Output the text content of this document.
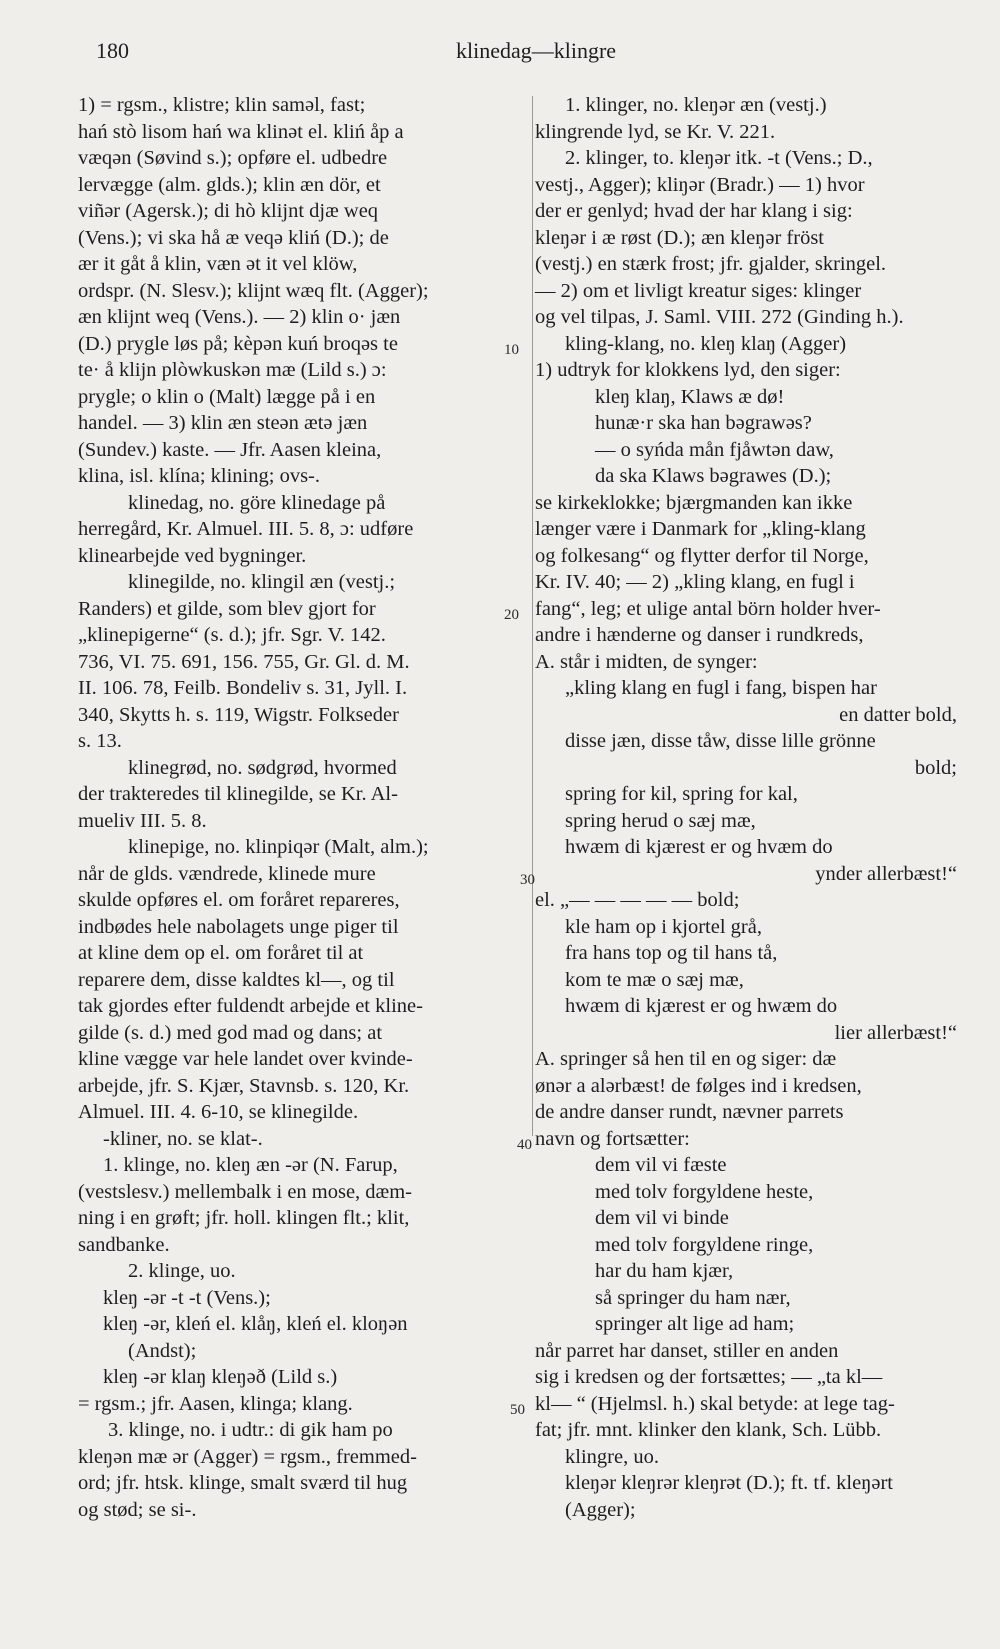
180	klinedag—klingre
1) = rgsm., klistre; klin samǝl, fast;
hań stò lisom hań wa klinǝt el. kliń åp a
væqǝn (Søvind s.); opføre el. udbedre
lervægge (alm. glds.); klin æn dör, et
viñǝr (Agersk.); di hò klijnt djæ weq
(Vens.); vi ska hå æ veqǝ kliń (D.); de
ær it gåt å klin, væn ǝt it vel klöw,
ordspr. (N. Slesv.); klijnt wæq flt. (Agger);
æn klijnt weq (Vens.). — 2) klin o· jæn
(D.) prygle løs på; kèpǝn kuń broqǝs te
te· å klijn plòwkuskǝn mæ (Lild s.) ɔ:
prygle; o klin o (Malt) lægge på i en
handel. — 3) klin æn steǝn ætǝ jæn
(Sundev.) kaste. — Jfr. Aasen kleina,
klina, isl. klína; klining; ovs-.
klinedag, no. göre klinedage på
herregård, Kr. Almuel. III. 5. 8, ɔ: udføre
klinearbejde ved bygninger.
klinegilde, no. klingil æn (vestj.;
Randers) et gilde, som blev gjort for
„klinepigerne“ (s. d.); jfr. Sgr. V. 142.
736, VI. 75. 691, 156. 755, Gr. Gl. d. M.
II. 106. 78, Feilb. Bondeliv s. 31, Jyll. I.
340, Skytts h. s. 119, Wigstr. Folkseder
s. 13.
klinegrød, no. sødgrød, hvormed
der trakteredes til klinegilde, se Kr. Al-
mueliv III. 5. 8.
klinepige, no. klinpiqǝr (Malt, alm.);
når de glds. vændrede, klinede mure
skulde opføres el. om foråret repareres,
indbødes hele nabolagets unge piger til
at kline dem op el. om foråret til at
reparere dem, disse kaldtes kl—, og til
tak gjordes efter fuldendt arbejde et kline-
gilde (s. d.) med god mad og dans; at
kline vægge var hele landet over kvinde-
arbejde, jfr. S. Kjær, Stavnsb. s. 120, Kr.
Almuel. III. 4. 6-10, se klinegilde.
-kliner, no. se klat-.
1. klinge, no. kleŋ æn -ǝr (N. Farup,
(vestslesv.) mellembalk i en mose, dæm-
ning i en grøft; jfr. holl. klingen flt.; klit,
sandbanke.
2. klinge, uo.
kleŋ -ǝr -t -t (Vens.);
kleŋ -ǝr, kleń el. klåŋ, kleń el. kloŋǝn
(Andst);
kleŋ -ǝr klaŋ kleŋǝð (Lild s.)
= rgsm.; jfr. Aasen, klinga; klang.
3. klinge, no. i udtr.: di gik ham po
kleŋǝn mæ ǝr (Agger) = rgsm., fremmed-
ord; jfr. htsk. klinge, smalt sværd til hug
og stød; se si-.
10
20
30
40
50
1. klinger, no. kleŋǝr æn (vestj.)
klingrende lyd, se Kr. V. 221.
2. klinger, to. kleŋǝr itk. -t (Vens.; D.,
vestj., Agger); kliŋǝr (Bradr.) — 1) hvor
der er genlyd; hvad der har klang i sig:
kleŋǝr i æ røst (D.); æn kleŋǝr fröst
(vestj.) en stærk frost; jfr. gjalder, skringel.
— 2) om et livligt kreatur siges: klinger
og vel tilpas, J. Saml. VIII. 272 (Ginding h.).
kling-klang, no. kleŋ klaŋ (Agger)
1) udtryk for klokkens lyd, den siger:
kleŋ klaŋ, Klaws æ dø!
hunæ·r ska han bǝgrawǝs?
— o syńda mån fjåwtǝn daw,
da ska Klaws bǝgrawes (D.);
se kirkeklokke; bjærgmanden kan ikke
længer være i Danmark for „kling-klang
og folkesang“ og flytter derfor til Norge,
Kr. IV. 40; — 2) „kling klang, en fugl i
fang“, leg; et ulige antal börn holder hver-
andre i hænderne og danser i rundkreds,
A. står i midten, de synger:
„kling klang en fugl i fang, bispen har
en datter bold,
disse jæn, disse tåw, disse lille grönne
bold;
spring for kil, spring for kal,
spring herud o sæj mæ,
hwæm di kjærest er og hvæm do
ynder allerbæst!“
el. „— — — — — bold;
kle ham op i kjortel grå,
fra hans top og til hans tå,
kom te mæ o sæj mæ,
hwæm di kjærest er og hwæm do
lier allerbæst!“
A. springer så hen til en og siger: dæ
ønǝr a alǝrbæst! de følges ind i kredsen,
de andre danser rundt, nævner parrets
navn og fortsætter:
dem vil vi fæste
med tolv forgyldene heste,
dem vil vi binde
med tolv forgyldene ringe,
har du ham kjær,
så springer du ham nær,
springer alt lige ad ham;
når parret har danset, stiller en anden
sig i kredsen og der fortsættes; — „ta kl—
kl— “ (Hjelmsl. h.) skal betyde: at lege tag-
fat; jfr. mnt. klinker den klank, Sch. Lübb.
klingre, uo.
kleŋǝr kleŋrǝr kleŋrǝt (D.); ft. tf. kleŋǝrt
(Agger);
